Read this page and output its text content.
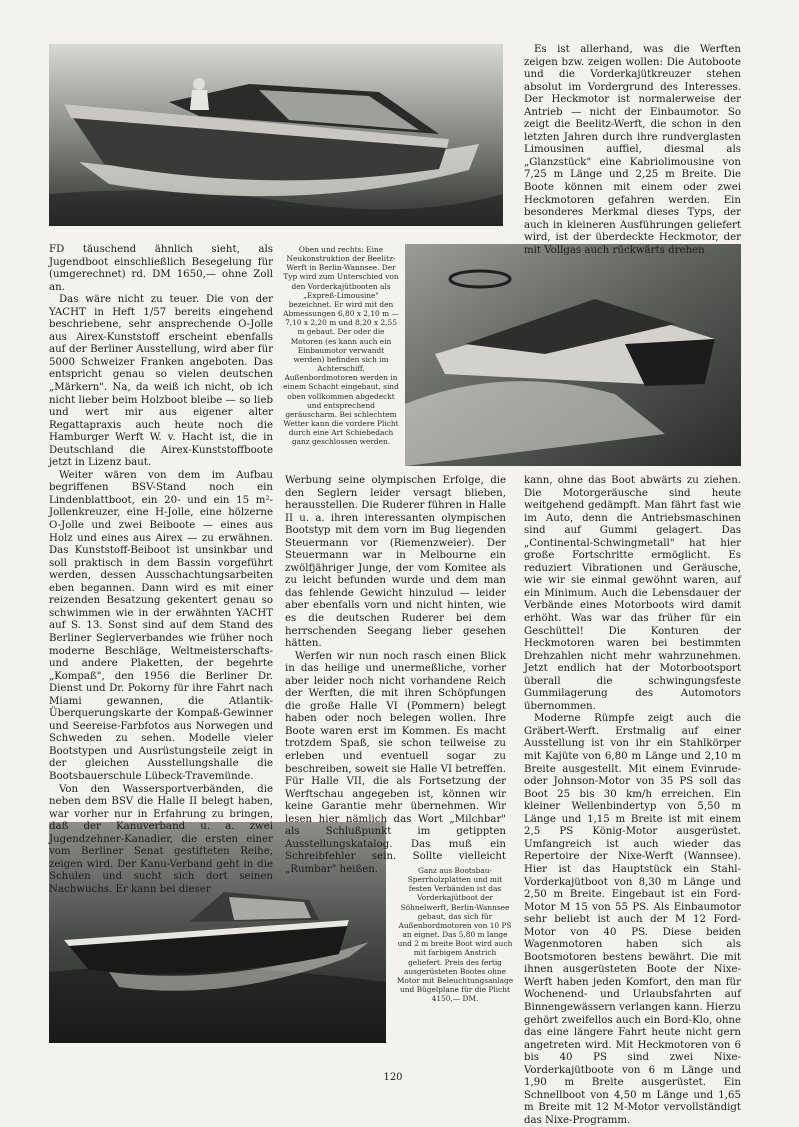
Es ist allerhand, was die Werften zeigen bzw. zeigen wollen: Die Autoboote und die Vorderkajütkreuzer stehen absolut im Vordergrund des Interesses. Der Heckmotor ist normalerweise der Antrieb — nicht der Einbaumotor. So zeigt die Beelitz-Werft, die schon in den letzten Jahren durch ihre rundverglasten Limousinen auffiel, diesmal als „Glanzstück" eine Kabriolimousine von 7,25 m Länge und 2,25 m Breite. Die Boote können mit einem oder zwei Heckmotoren gefahren werden. Ein besonderes Merkmal dieses Typs, der auch in kleineren Ausführungen geliefert wird, ist der überdeckte Heckmotor, der mit Vollgas auch rückwärts drehen

Oben und rechts: Eine Neukonstruktion der Beelitz-Werft in Berlin-Wannsee. Der Typ wird zum Unterschied von den Vorderkajütbooten als „Expreß-Limousine" bezeichnet. Er wird mit den Abmessungen 6,80 x 2,10 m — 7,10 x 2,20 m und 8,20 x 2,55 m gebaut. Der oder die Motoren (es kann auch ein Einbaumotor verwandt werden) befinden sich im Achterschiff. Außenbordmotoren werden in einem Schacht eingebaut, sind oben vollkommen abgedeckt und entsprechend geräuscharm. Bei schlechtem Wetter kann die vordere Plicht durch eine Art Schiebedach ganz geschlossen werden.

FD täuschend ähnlich sieht, als Jugendboot einschließlich Besegelung für (umgerechnet) rd. DM 1650,— ohne Zoll an.

Das wäre nicht zu teuer. Die von der YACHT in Heft 1/57 bereits eingehend beschriebene, sehr ansprechende O-Jolle aus Airex-Kunststoff erscheint ebenfalls auf der Berliner Ausstellung, wird aber für 5000 Schweizer Franken angeboten. Das entspricht genau so vielen deutschen „Märkern". Na, da weiß ich nicht, ob ich nicht lieber beim Holzboot bleibe — so lieb und wert mir aus eigener alter Regattapraxis auch heute noch die Hamburger Werft W. v. Hacht ist, die in Deutschland die Airex-Kunststoffboote jetzt in Lizenz baut.

Weiter wären von dem im Aufbau begriffenen BSV-Stand noch ein Lindenblattboot, ein 20- und ein 15 m²-Jollenkreuzer, eine H-Jolle, eine hölzerne O-Jolle und zwei Beiboote — eines aus Holz und eines aus Airex — zu erwähnen. Das Kunststoff-Beiboot ist unsinkbar und soll praktisch in dem Bassin vorgeführt werden, dessen Ausschachtungsarbeiten eben begannen. Dann wird es mit einer reizenden Besatzung gekentert genau so schwimmen wie in der erwähnten YACHT auf S. 13. Sonst sind auf dem Stand des Berliner Seglerverbandes wie früher noch moderne Beschläge, Weltmeisterschafts- und andere Plaketten, der begehrte „Kompaß", den 1956 die Berliner Dr. Dienst und Dr. Pokorny für ihre Fahrt nach Miami gewannen, die Atlantik-Überquerungskarte der Kompaß-Gewinner und Seereise-Farbfotos aus Norwegen und Schweden zu sehen. Modelle vieler Bootstypen und Ausrüstungsteile zeigt in der gleichen Ausstellungshalle die Bootsbauerschule Lübeck-Travemünde.

Von den Wassersportverbänden, die neben dem BSV die Halle II belegt haben, war vorher nur in Erfahrung zu bringen, daß der Kanuverband u. a. zwei Jugendzehner-Kanadier, die ersten einer vom Berliner Senat gestifteten Reihe, zeigen wird. Der Kanu-Verband geht in die Schulen und sucht sich dort seinen Nachwuchs. Er kann bei dieser

Werbung seine olympischen Erfolge, die den Seglern leider versagt blieben, herausstellen. Die Ruderer führen in Halle II u. a. ihren interessanten olympischen Bootstyp mit dem vorn im Bug liegenden Steuermann vor (Riemenzweier). Der Steuermann war in Melbourne ein zwölfjähriger Junge, der vom Komitee als zu leicht befunden wurde und dem man das fehlende Gewicht hinzulud — leider aber ebenfalls vorn und nicht hinten, wie es die deutschen Ruderer bei dem herrschenden Seegang lieber gesehen hätten.

Werfen wir nun noch rasch einen Blick in das heilige und unermeßliche, vorher aber leider noch nicht vorhandene Reich der Werften, die mit ihren Schöpfungen die große Halle VI (Pommern) belegt haben oder noch belegen wollen. Ihre Boote waren erst im Kommen. Es macht trotzdem Spaß, sie schon teilweise zu erleben und eventuell sogar zu beschreiben, soweit sie Halle VI betreffen. Für Halle VII, die als Fortsetzung der Werftschau angegeben ist, können wir keine Garantie mehr übernehmen. Wir lesen hier nämlich das Wort „Milchbar" als Schlußpunkt im getippten Ausstellungskatalog. Das muß ein Schreibfehler sein. Sollte vielleicht „Rumbar" heißen.	Ganz aus Bootsbau-Sperrholzplatten und mit festen Verbänden ist das Vorderkajütboot der Söhnelwerft, Berlin-Wannsee gebaut, das sich für Außenbordmotoren von 10 PS an eignet. Das 5,80 m lange und 2 m breite Boot wird auch mit farbigem Anstrich geliefert. Preis des fertig ausgerüsteten Bootes ohne Motor mit Beleuchtungsanlage und Bügelplane für die Plicht 4150,— DM.

kann, ohne das Boot abwärts zu ziehen. Die Motorgeräusche sind heute weitgehend gedämpft. Man fährt fast wie im Auto, denn die Antriebsmaschinen sind auf Gummi gelagert. Das „Continental-Schwingmetall" hat hier große Fortschritte ermöglicht. Es reduziert Vibrationen und Geräusche, wie wir sie einmal gewöhnt waren, auf ein Minimum. Auch die Lebensdauer der Verbände eines Motorboots wird damit erhöht. Was war das früher für ein Geschüttel! Die Konturen der Heckmotoren waren bei bestimmten Drehzahlen nicht mehr wahrzunehmen. Jetzt endlich hat der Motorbootsport überall die schwingungsfeste Gummilagerung des Automotors übernommen.

Moderne Rümpfe zeigt auch die Gräbert-Werft. Erstmalig auf einer Ausstellung ist von ihr ein Stahlkörper mit Kajüte von 6,80 m Länge und 2,10 m Breite ausgestellt. Mit einem Evinrude- oder Johnson-Motor von 35 PS soll das Boot 25 bis 30 km/h erreichen. Ein kleiner Wellenbindertyp von 5,50 m Länge und 1,15 m Breite ist mit einem 2,5 PS König-Motor ausgerüstet. Umfangreich ist auch wieder das Repertoire der Nixe-Werft (Wannsee). Hier ist das Hauptstück ein Stahl-Vorderkajütboot von 8,30 m Länge und 2,50 m Breite. Eingebaut ist ein Ford-Motor M 15 von 55 PS. Als Einbaumotor sehr beliebt ist auch der M 12 Ford-Motor von 40 PS. Diese beiden Wagenmotoren haben sich als Bootsmotoren bestens bewährt. Die mit ihnen ausgerüsteten Boote der Nixe-Werft haben jeden Komfort, den man für Wochenend- und Urlaubsfahrten auf Binnengewässern verlangen kann. Hierzu gehört zweifellos auch ein Bord-Klo, ohne das eine längere Fahrt heute nicht gern angetreten wird. Mit Heckmotoren von 6 bis 40 PS sind zwei Nixe-Vorderkajütboote von 6 m Länge und 1,90 m Breite ausgerüstet. Ein Schnellboot von 4,50 m Länge und 1,65 m Breite mit 12 M-Motor vervollständigt das Nixe-Programm.

120
